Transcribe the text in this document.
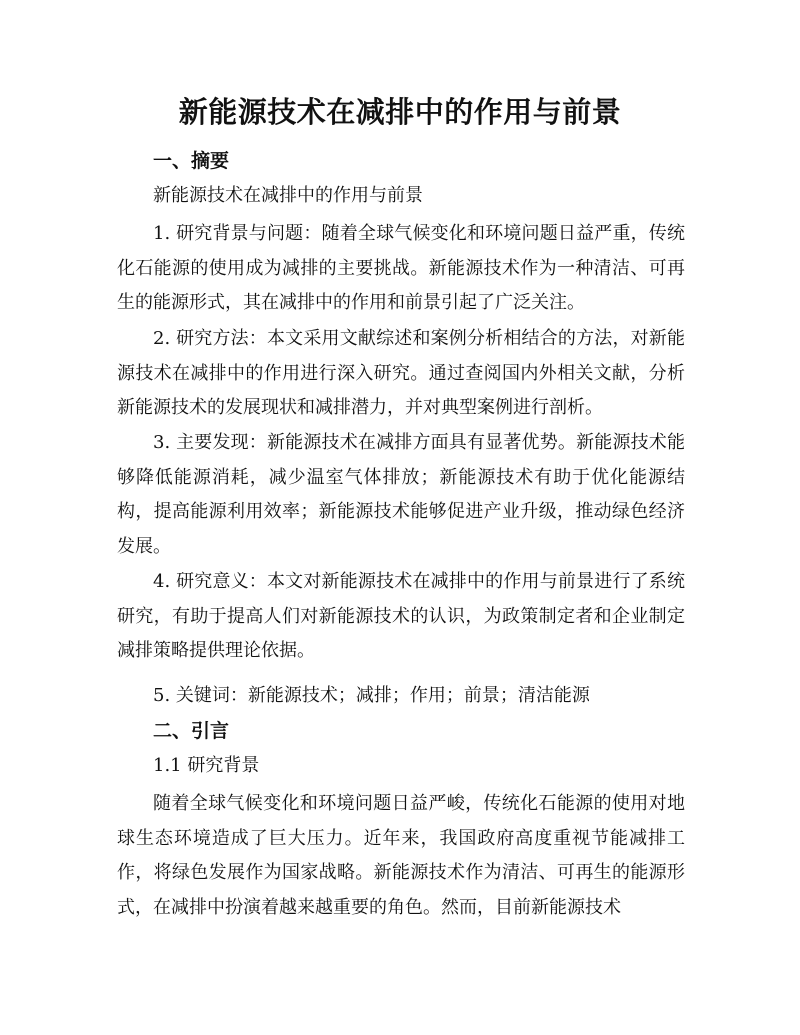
新能源技术在减排中的作用与前景
一、摘要
新能源技术在减排中的作用与前景

1. 研究背景与问题：随着全球气候变化和环境问题日益严重，传统化石能源的使用成为减排的主要挑战。新能源技术作为一种清洁、可再生的能源形式，其在减排中的作用和前景引起了广泛关注。

2. 研究方法：本文采用文献综述和案例分析相结合的方法，对新能源技术在减排中的作用进行深入研究。通过查阅国内外相关文献，分析新能源技术的发展现状和减排潜力，并对典型案例进行剖析。

3. 主要发现：新能源技术在减排方面具有显著优势。新能源技术能够降低能源消耗，减少温室气体排放；新能源技术有助于优化能源结构，提高能源利用效率；新能源技术能够促进产业升级，推动绿色经济发展。

4. 研究意义：本文对新能源技术在减排中的作用与前景进行了系统研究，有助于提高人们对新能源技术的认识，为政策制定者和企业制定减排策略提供理论依据。

5. 关键词：新能源技术；减排；作用；前景；清洁能源
二、引言
1.1 研究背景

随着全球气候变化和环境问题日益严峻，传统化石能源的使用对地球生态环境造成了巨大压力。近年来，我国政府高度重视节能减排工作，将绿色发展作为国家战略。新能源技术作为清洁、可再生的能源形式，在减排中扮演着越来越重要的角色。然而，目前新能源技术
